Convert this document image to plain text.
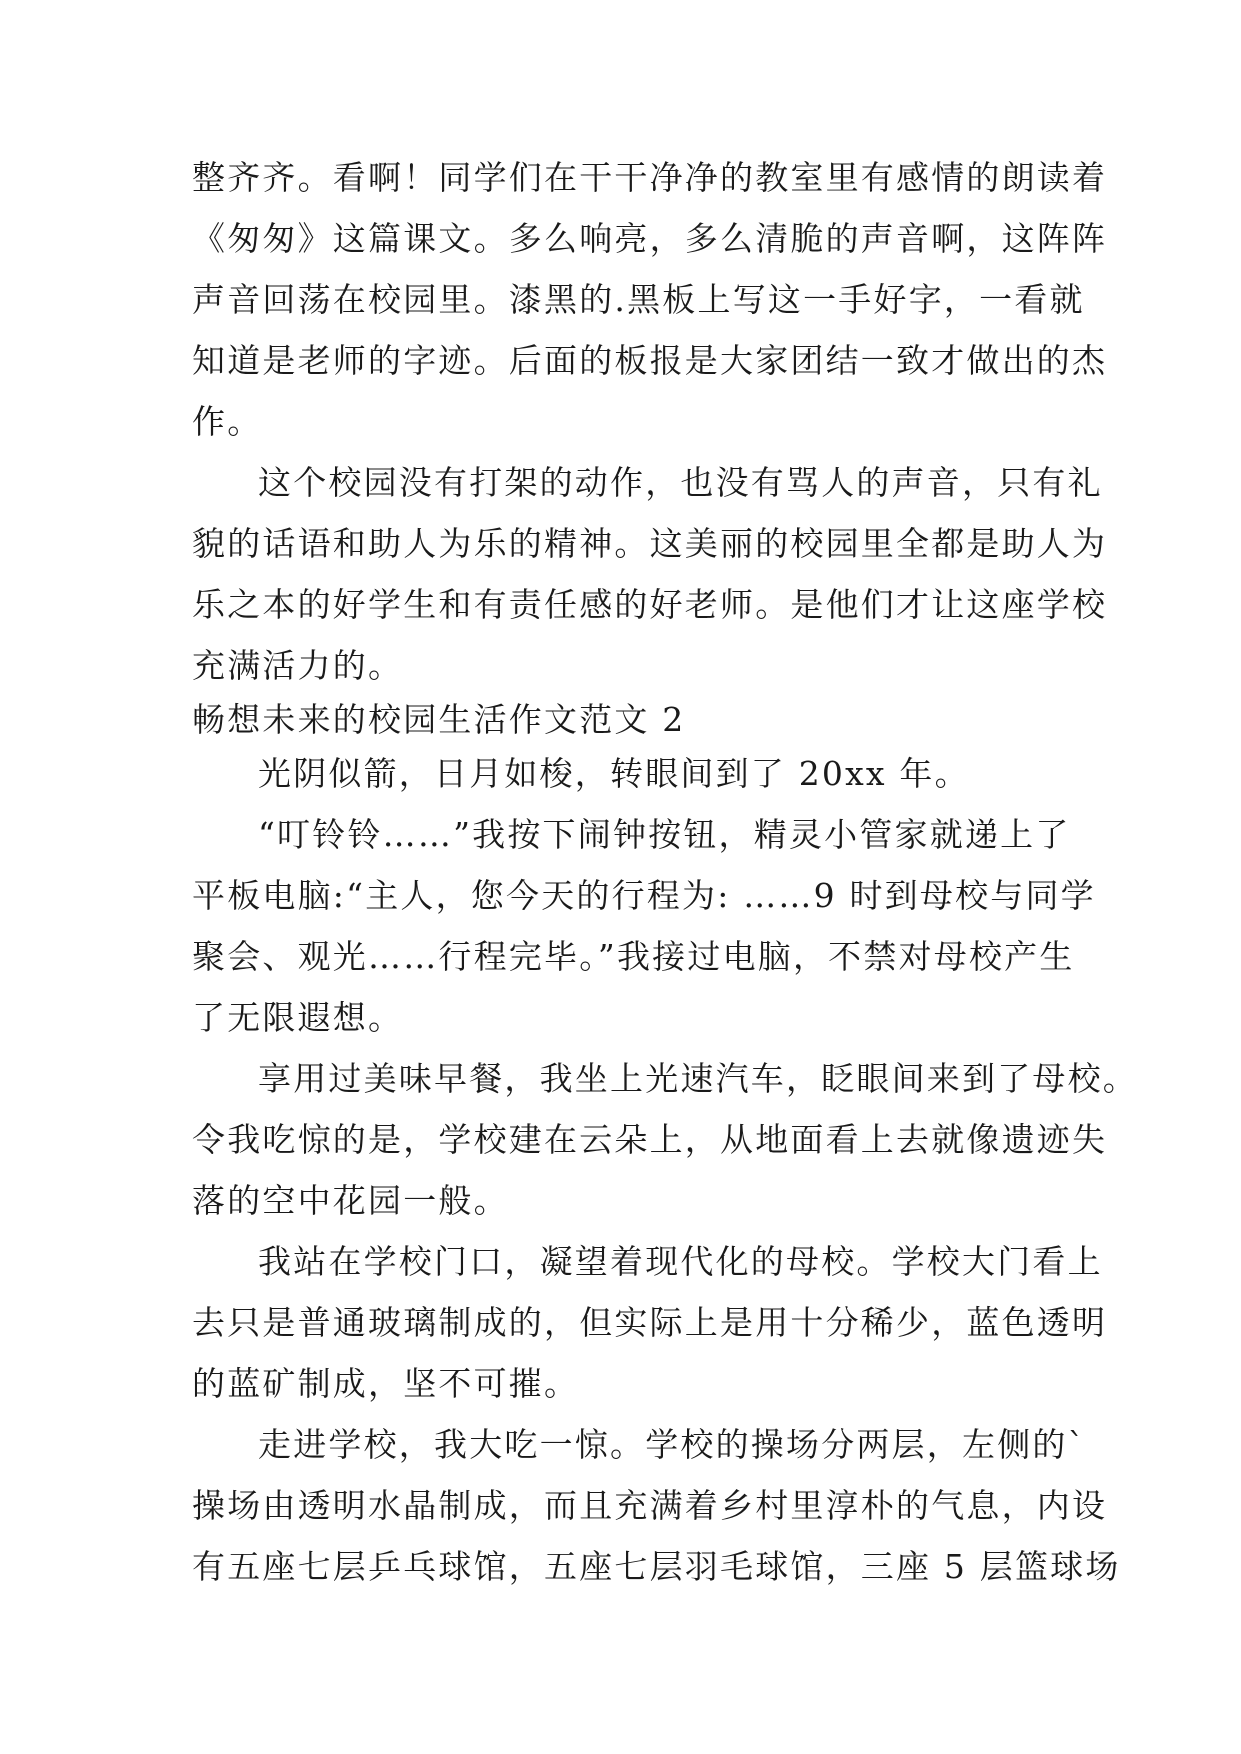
整齐齐。看啊！同学们在干干净净的教室里有感情的朗读着
《匆匆》这篇课文。多么响亮，多么清脆的声音啊，这阵阵
声音回荡在校园里。漆黑的.黑板上写这一手好字，一看就
知道是老师的字迹。后面的板报是大家团结一致才做出的杰
作。
这个校园没有打架的动作，也没有骂人的声音，只有礼
貌的话语和助人为乐的精神。这美丽的校园里全都是助人为
乐之本的好学生和有责任感的好老师。是他们才让这座学校
充满活力的。
畅想未来的校园生活作文范文 2
光阴似箭，日月如梭，转眼间到了 20xx 年。
“叮铃铃……”我按下闹钟按钮，精灵小管家就递上了
平板电脑:“主人，您今天的行程为: ……9 时到母校与同学
聚会、观光……行程完毕。”我接过电脑，不禁对母校产生
了无限遐想。
享用过美味早餐，我坐上光速汽车，眨眼间来到了母校。
令我吃惊的是，学校建在云朵上，从地面看上去就像遗迹失
落的空中花园一般。
我站在学校门口，凝望着现代化的母校。学校大门看上
去只是普通玻璃制成的，但实际上是用十分稀少，蓝色透明
的蓝矿制成，坚不可摧。
走进学校，我大吃一惊。学校的操场分两层，左侧的`
操场由透明水晶制成，而且充满着乡村里淳朴的气息，内设
有五座七层乒乓球馆，五座七层羽毛球馆，三座 5 层篮球场
